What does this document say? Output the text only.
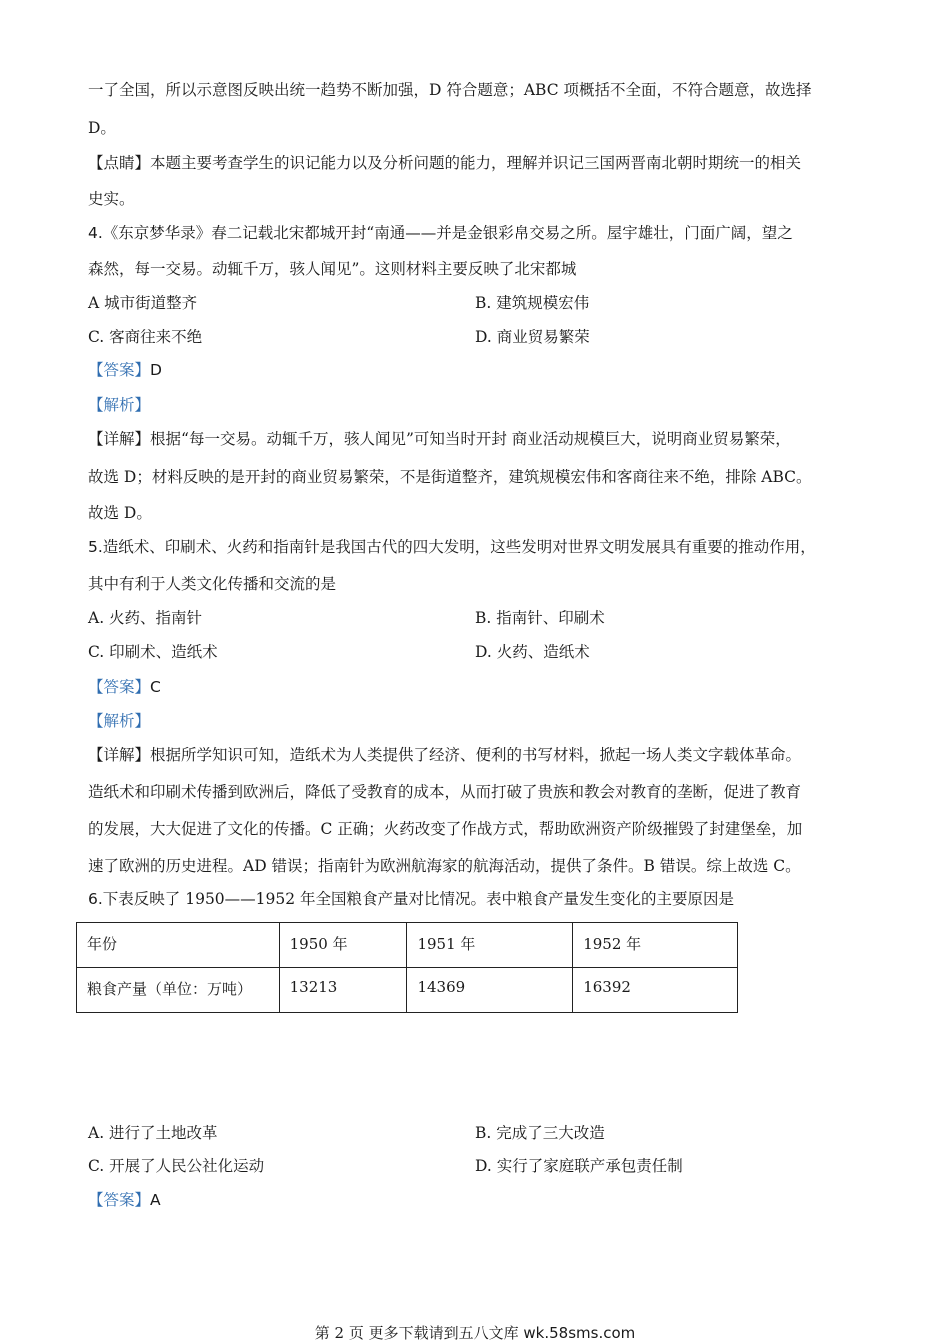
一了全国，所以示意图反映出统一趋势不断加强，D 符合题意；ABC 项概括不全面，不符合题意，故选择
D。
【点睛】本题主要考查学生的识记能力以及分析问题的能力，理解并识记三国两晋南北朝时期统一的相关
史实。
4.《东京梦华录》春二记载北宋都城开封“南通——并是金银彩帛交易之所。屋宇雄壮，门面广阔，望之
森然，每一交易。动辄千万，骇人闻见”。这则材料主要反映了北宋都城
A 城市街道整齐	B. 建筑规模宏伟
C. 客商往来不绝	D. 商业贸易繁荣
【答案】D
【解析】
【详解】根据“每一交易。动辄千万，骇人闻见”可知当时开封 商业活动规模巨大，说明商业贸易繁荣，
故选 D；材料反映的是开封的商业贸易繁荣，不是街道整齐，建筑规模宏伟和客商往来不绝，排除 ABC。
故选 D。
5.造纸术、印刷术、火药和指南针是我国古代的四大发明，这些发明对世界文明发展具有重要的推动作用，
其中有利于人类文化传播和交流的是
A. 火药、指南针	B. 指南针、印刷术
C. 印刷术、造纸术	D. 火药、造纸术
【答案】C
【解析】
【详解】根据所学知识可知，造纸术为人类提供了经济、便利的书写材料，掀起一场人类文字载体革命。
造纸术和印刷术传播到欧洲后，降低了受教育的成本，从而打破了贵族和教会对教育的垄断，促进了教育
的发展，大大促进了文化的传播。C 正确；火药改变了作战方式，帮助欧洲资产阶级摧毁了封建堡垒，加
速了欧洲的历史进程。AD 错误；指南针为欧洲航海家的航海活动，提供了条件。B 错误。综上故选 C。
6.下表反映了 1950——1952 年全国粮食产量对比情况。表中粮食产量发生变化的主要原因是
年份	1950 年	1951 年	1952 年
粮食产量（单位：万吨）	13213	14369	16392
A. 进行了土地改革	B. 完成了三大改造
C. 开展了人民公社化运动	D. 实行了家庭联产承包责任制
【答案】A
第 2 页 更多下载请到五八文库 wk.58sms.com
